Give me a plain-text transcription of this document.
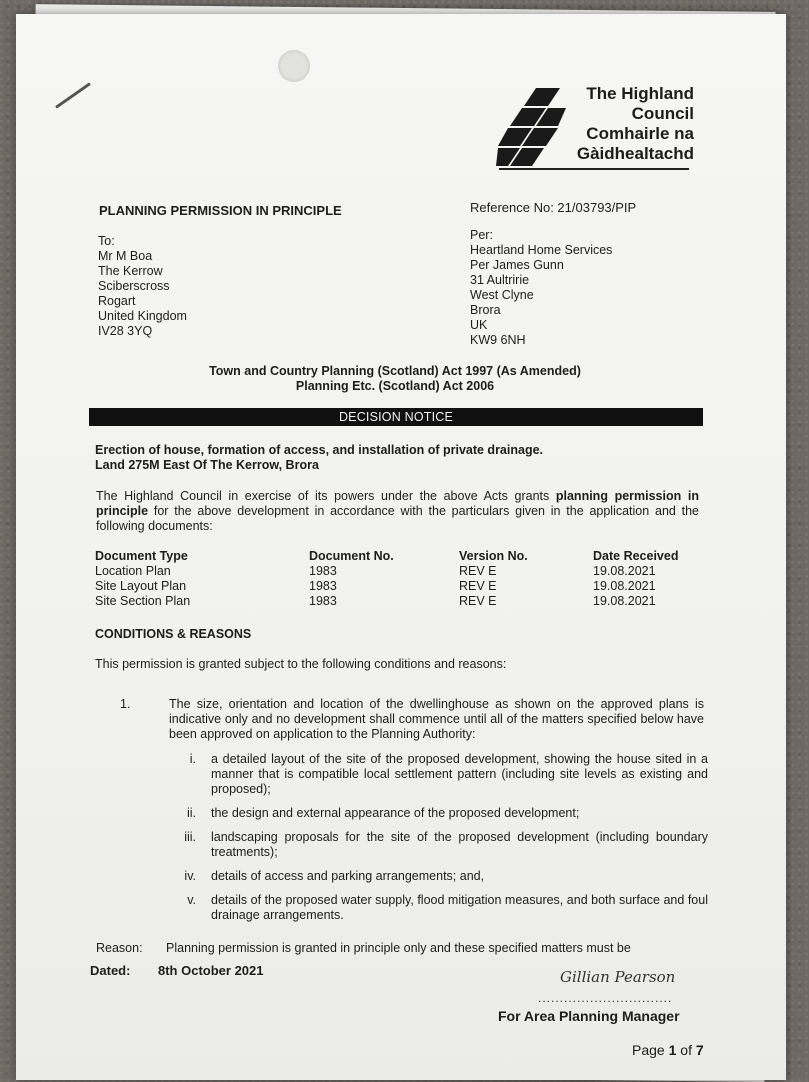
The Highland
Council
Comhairle na
Gàidhealtachd
PLANNING PERMISSION IN PRINCIPLE	Reference No: 21/03793/PIP
To:
Mr M Boa
The Kerrow
Sciberscross
Rogart
United Kingdom
IV28 3YQ
Per:
Heartland Home Services
Per James Gunn
31 Aultririe
West Clyne
Brora
UK
KW9 6NH
Town and Country Planning (Scotland) Act 1997 (As Amended)
Planning Etc. (Scotland) Act 2006
DECISION NOTICE
Erection of house, formation of access, and installation of private drainage.
Land 275M East Of The Kerrow, Brora
The Highland Council in exercise of its powers under the above Acts grants planning permission in principle for the above development in accordance with the particulars given in the application and the following documents:
Document Type	Document No.	Version No.	Date Received
Location Plan	1983	REV E	19.08.2021
Site Layout Plan	1983	REV E	19.08.2021
Site Section Plan	1983	REV E	19.08.2021
CONDITIONS & REASONS
This permission is granted subject to the following conditions and reasons:
1.	The size, orientation and location of the dwellinghouse as shown on the approved plans is indicative only and no development shall commence until all of the matters specified below have been approved on application to the Planning Authority:
i. a detailed layout of the site of the proposed development, showing the house sited in a manner that is compatible local settlement pattern (including site levels as existing and proposed);
ii. the design and external appearance of the proposed development;
iii. landscaping proposals for the site of the proposed development (including boundary treatments);
iv. details of access and parking arrangements; and,
v. details of the proposed water supply, flood mitigation measures, and both surface and foul drainage arrangements.
Reason: Planning permission is granted in principle only and these specified matters must be
Dated: 8th October 2021	Gillian Pearson
...............................
For Area Planning Manager
Page 1 of 7
